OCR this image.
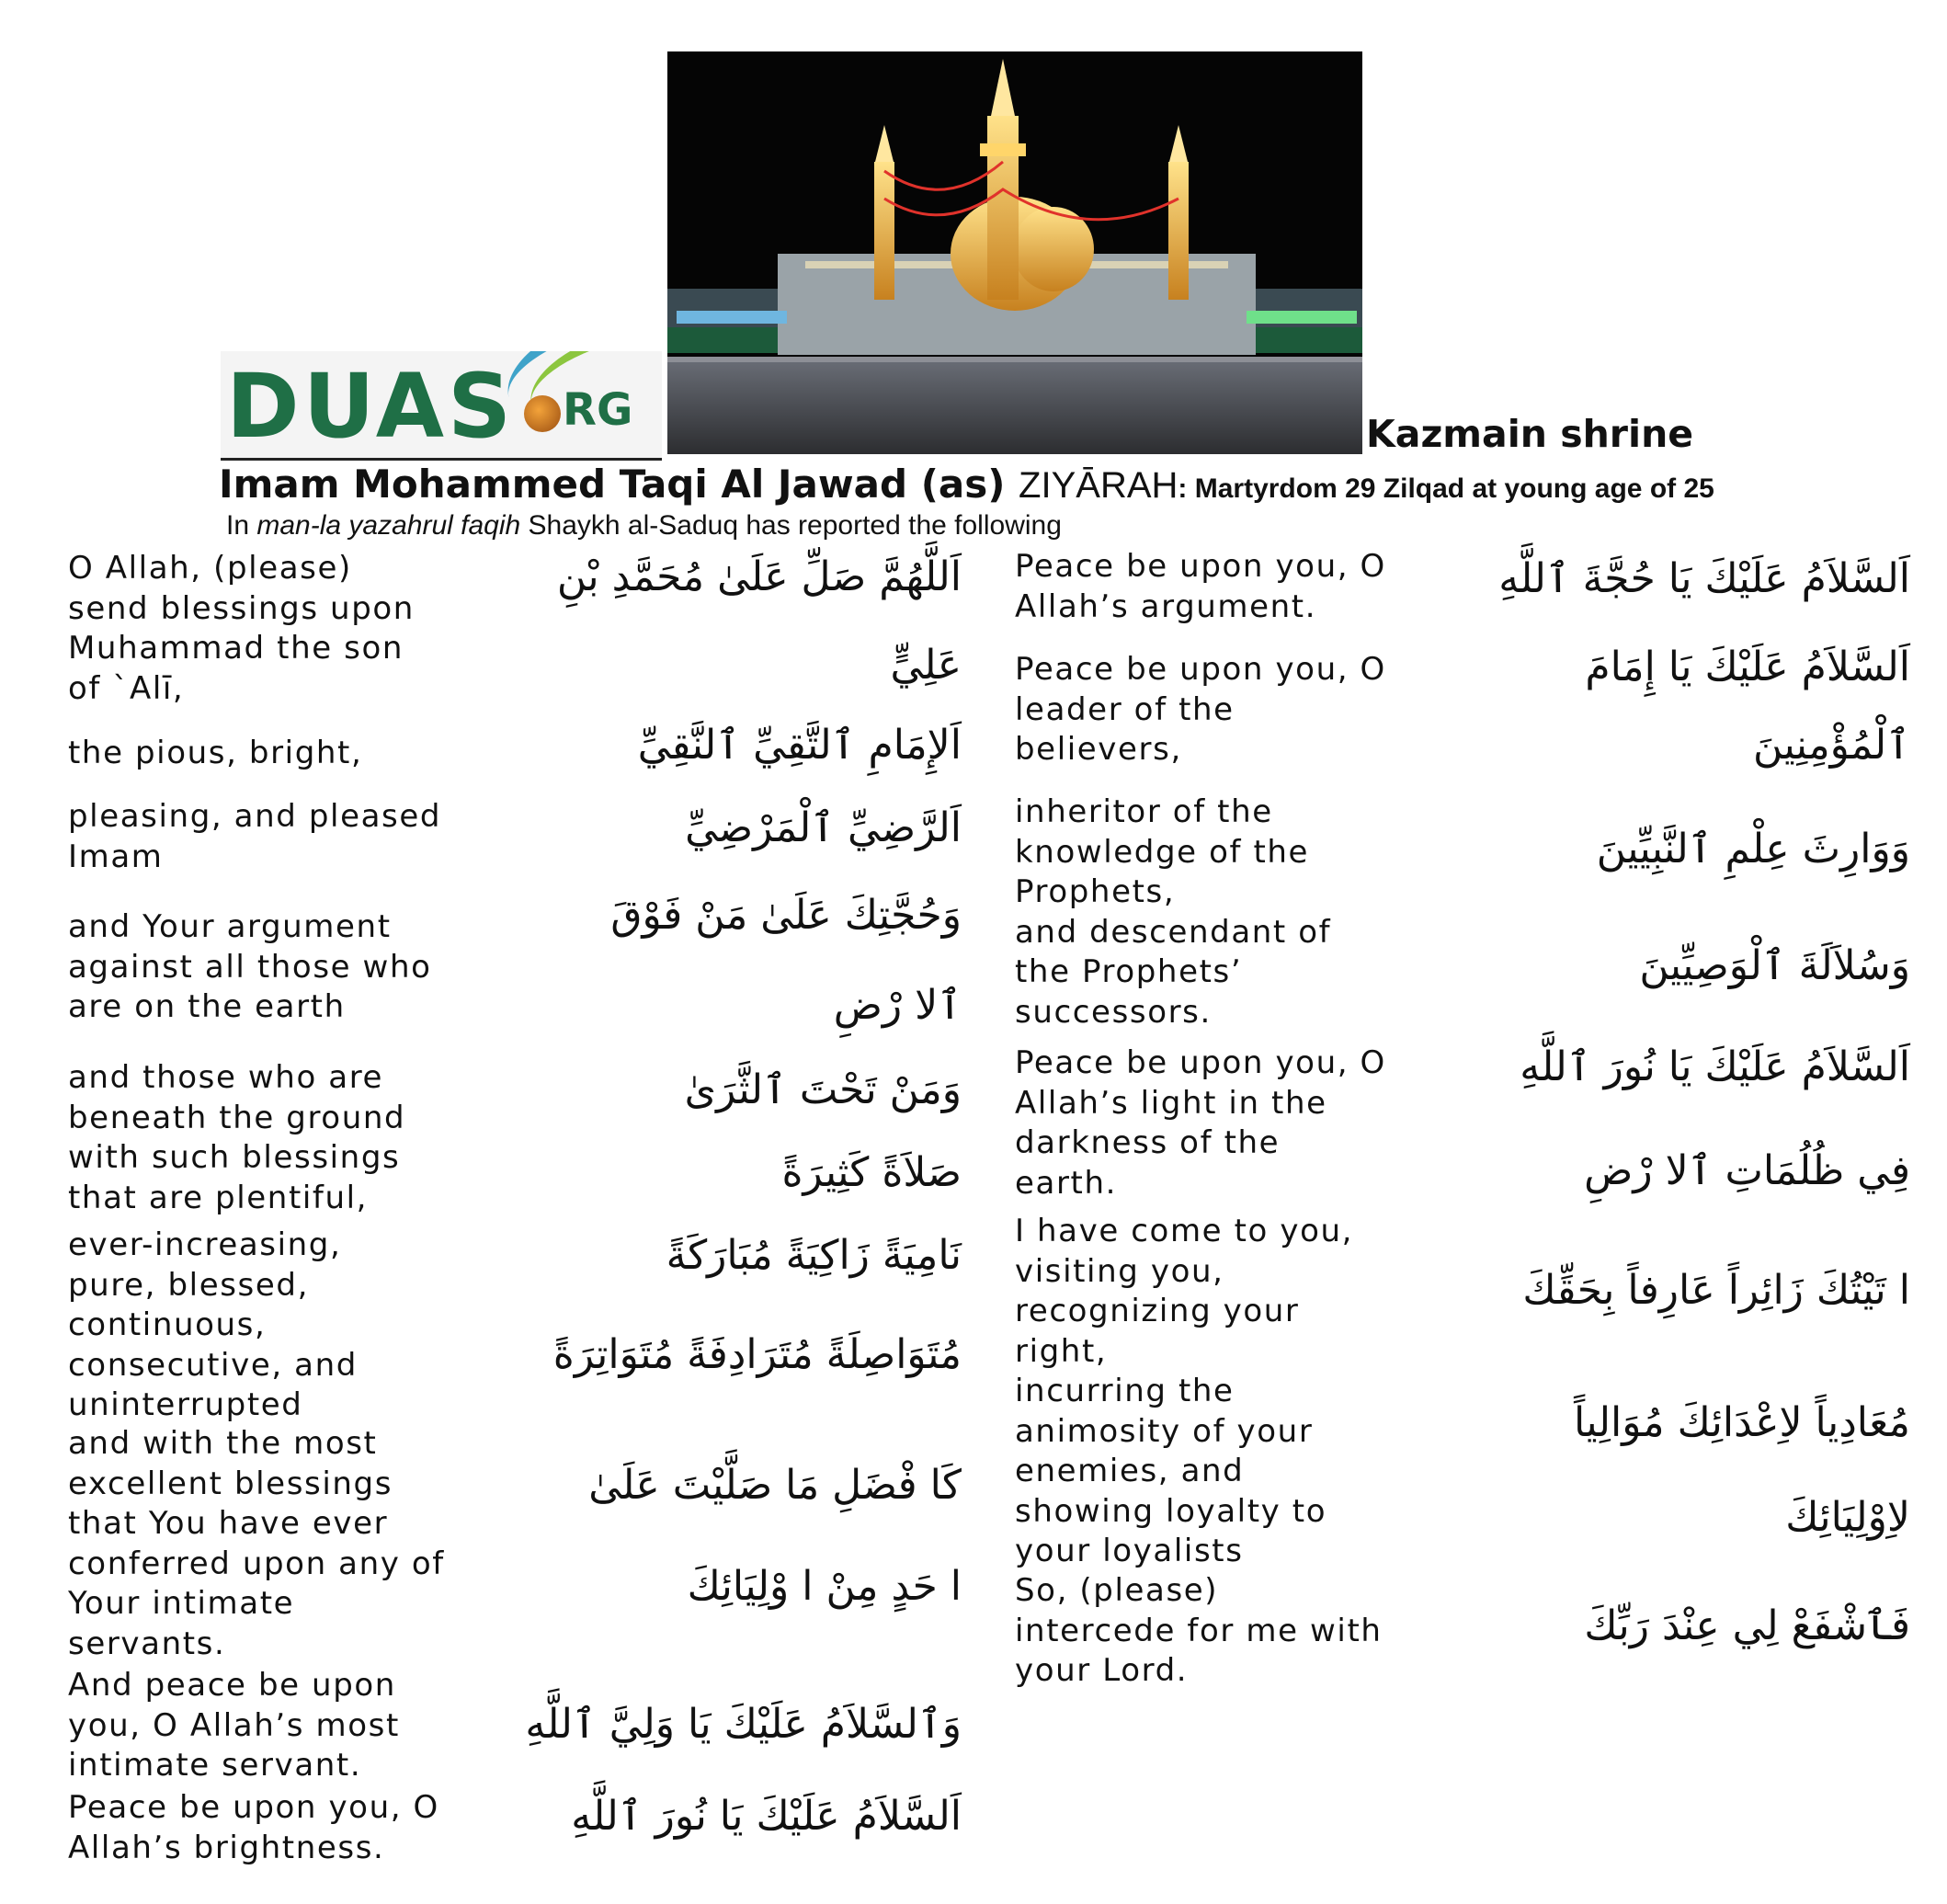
DUAS RG	Kazmain shrine
Imam Mohammed Taqi Al Jawad (as) ZIYĀRAH: Martyrdom 29 Zilqad at young age of 25
In man-la yazahrul faqih Shaykh al-Saduq has reported the following

O Allah, (please)
send blessings upon
Muhammad the son
of `Alī,

the pious, bright,

pleasing, and pleased
Imam

and Your argument
against all those who
are on the earth

and those who are
beneath the ground
with such blessings
that are plentiful,

ever-increasing,
pure, blessed,
continuous,
consecutive, and
uninterrupted

and with the most
excellent blessings
that You have ever
conferred upon any of
Your intimate
servants.

And peace be upon
you, O Allah’s most
intimate servant.

Peace be upon you, O
Allah’s brightness.

اَللَّهُمَّ صَلِّ عَلَىٰ مُحَمَّدِ بْنِ

عَلِيٍّ

اَلإِمَامِ ٱلتَّقِيِّ ٱلنَّقِيِّ

اَلرَّضِيِّ ٱلْمَرْضِيِّ

وَحُجَّتِكَ عَلَىٰ مَنْ فَوْقَ

ٱلا رْضِ

وَمَنْ تَحْتَ ٱلثَّرَىٰ

صَلاَةً كَثِيرَةً

نَامِيَةً زَاكِيَةً مُبَارَكَةً

مُتَوَاصِلَةً مُتَرَادِفَةً مُتَوَاتِرَةً

كَا فْضَلِ مَا صَلَّيْتَ عَلَىٰ

ا حَدٍ مِنْ ا وْلِيَائِكَ

وَٱلسَّلاَمُ عَلَيْكَ يَا وَلِيَّ ٱللَّهِ

اَلسَّلاَمُ عَلَيْكَ يَا نُورَ ٱللَّهِ

Peace be upon you, O
Allah’s argument.

Peace be upon you, O
leader of the
believers,

inheritor of the
knowledge of the
Prophets,
and descendant of
the Prophets’
successors.

Peace be upon you, O
Allah’s light in the
darkness of the
earth.

I have come to you,
visiting you,
recognizing your
right,
incurring the
animosity of your
enemies, and
showing loyalty to
your loyalists

So, (please)
intercede for me with
your Lord.

اَلسَّلاَمُ عَلَيْكَ يَا حُجَّةَ ٱللَّهِ

اَلسَّلاَمُ عَلَيْكَ يَا إِمَامَ

ٱلْمُؤْمِنِينَ

وَوَارِثَ عِلْمِ ٱلنَّبِيِّينَ

وَسُلاَلَةَ ٱلْوَصِيِّينَ

اَلسَّلاَمُ عَلَيْكَ يَا نُورَ ٱللَّهِ

فِي ظُلُمَاتِ ٱلا رْضِ

ا تَيْتُكَ زَائِراً عَارِفاً بِحَقِّكَ

مُعَادِياً لاِعْدَائِكَ مُوَالِياً

لاِوْلِيَائِكَ

فَٱشْفَعْ لِي عِنْدَ رَبِّكَ
